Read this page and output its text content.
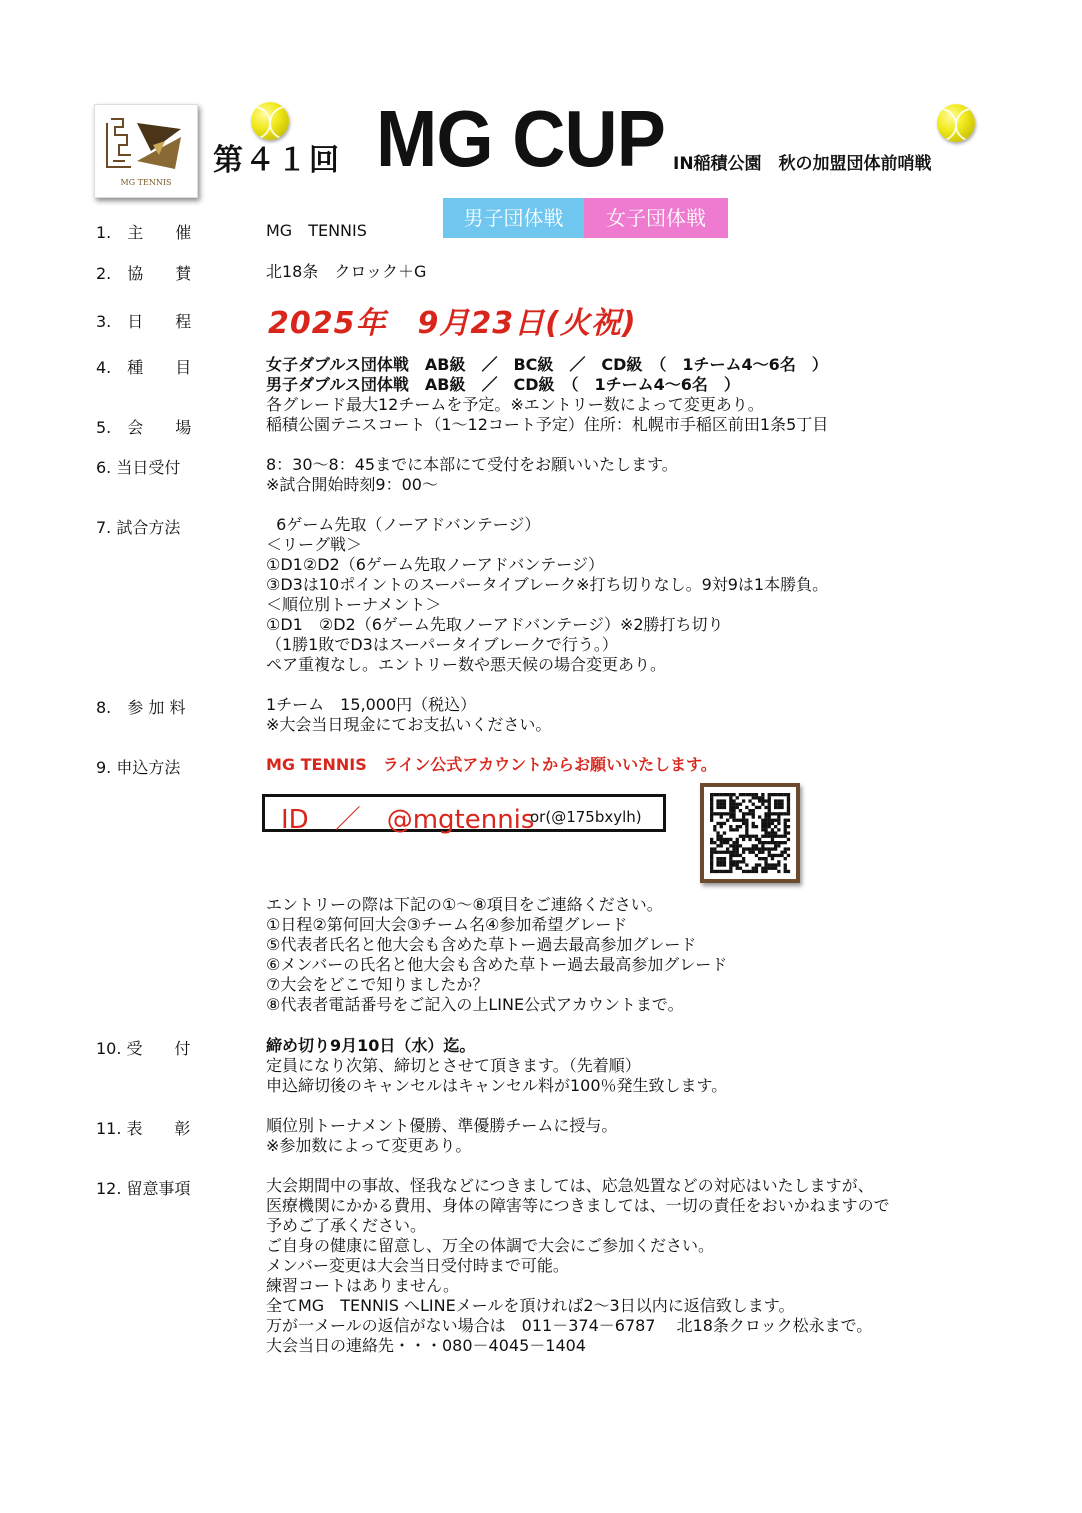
MG TENNIS
第４１回 MG CUP IN稲積公園　秋の加盟団体前哨戦
男子団体戦	女子団体戦
1.　主　　催	MG　TENNIS
2.　協　　賛	北18条　クロック＋G
3.　日　　程	2025年　9月23日(火祝)
4.　種　　目	女子ダブルス団体戦　AB級　／　BC級　／　CD級　（　1チーム4～6名　）
男子ダブルス団体戦　AB級　／　CD級　（　1チーム4～6名　）
各グレード最大12チームを予定。※エントリー数によって変更あり。
5.　会　　場	稲積公園テニスコート（1～12コート予定）住所：札幌市手稲区前田1条5丁目
6. 当日受付	8：30～8：45までに本部にて受付をお願いいたします。
※試合開始時刻9：00～
7. 試合方法	6ゲーム先取（ノーアドバンテージ）
＜リーグ戦＞
①D1②D2（6ゲーム先取ノーアドバンテージ）
③D3は10ポイントのスーパータイブレーク※打ち切りなし。9対9は1本勝負。
＜順位別トーナメント＞
①D1　②D2（6ゲーム先取ノーアドバンテージ）※2勝打ち切り
（1勝1敗でD3はスーパータイブレークで行う。）
ペア重複なし。エントリー数や悪天候の場合変更あり。
8.　参 加 料	1チーム　15,000円（税込）
※大会当日現金にてお支払いください。
9. 申込方法	MG TENNIS　ライン公式アカウントからお願いいたします。
ID　／　@mgtennis
or(@175bxylh)
エントリーの際は下記の①～⑧項目をご連絡ください。
①日程②第何回大会③チーム名④参加希望グレード
⑤代表者氏名と他大会も含めた草トー過去最高参加グレード
⑥メンバーの氏名と他大会も含めた草トー過去最高参加グレード
⑦大会をどこで知りましたか？
⑧代表者電話番号をご記入の上LINE公式アカウントまで。
10. 受　　付	締め切り9月10日（水）迄。
定員になり次第、締切とさせて頂きます。（先着順）
申込締切後のキャンセルはキャンセル料が100％発生致します。
11. 表　　彰	順位別トーナメント優勝、準優勝チームに授与。
※参加数によって変更あり。
12. 留意事項	大会期間中の事故、怪我などにつきましては、応急処置などの対応はいたしますが、
医療機関にかかる費用、身体の障害等につきましては、一切の責任をおいかねますので
予めご了承ください。
ご自身の健康に留意し、万全の体調で大会にご参加ください。
メンバー変更は大会当日受付時まで可能。
練習コートはありません。
全てMG　TENNIS へLINEメールを頂ければ2～3日以内に返信致します。
万が一メールの返信がない場合は　011－374－6787　 北18条クロック松永まで。
大会当日の連絡先・・・080－4045－1404
